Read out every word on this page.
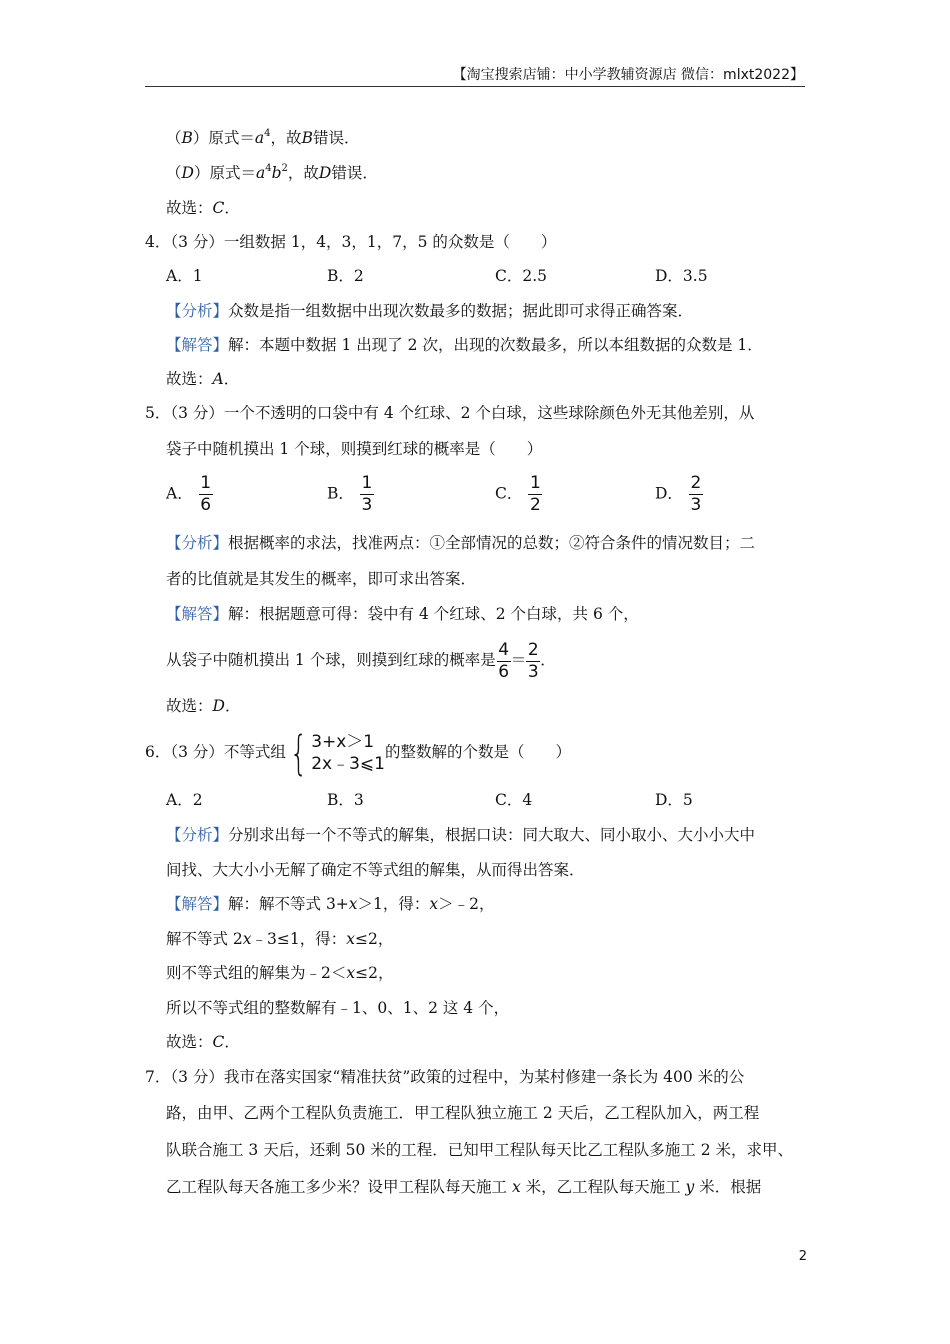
【淘宝搜索店铺：中小学教辅资源店 微信：mlxt2022】
（B）原式$=a^4$，故B错误．
（D）原式$=a^4b^2$，故D错误．
故选：C．
4．（3 分）一组数据 1，4，3，1，7，5 的众数是（　　）
A．1	B．2	C．2.5	D．3.5
【分析】众数是指一组数据中出现次数最多的数据；据此即可求得正确答案．
【解答】解：本题中数据 1 出现了 2 次，出现的次数最多，所以本组数据的众数是 1．
故选：A．
5．（3 分）一个不透明的口袋中有 4 个红球、2 个白球，这些球除颜色外无其他差别，从
袋子中随机摸出 1 个球，则摸到红球的概率是（　　）
A． $\frac{1}{6}$	B． $\frac{1}{3}$	C． $\frac{1}{2}$	D． $\frac{2}{3}$
【分析】根据概率的求法，找准两点：①全部情况的总数；②符合条件的情况数目；二
者的比值就是其发生的概率，即可求出答案．
【解答】解：根据题意可得：袋中有 4 个红球、2 个白球，共 6 个，
从袋子中随机摸出 1 个球，则摸到红球的概率是 $\frac{4}{6} = \frac{2}{3}$ ．
故选：D．
6．（3 分）不等式组 { 3+x＞1
2x﹣3⩽1
的整数解的个数是（　　）
A．2	B．3	C．4	D．5
【分析】分别求出每一个不等式的解集，根据口诀：同大取大、同小取小、大小小大中
间找、大大小小无解了确定不等式组的解集，从而得出答案．
【解答】解：解不等式 3+x＞1，得：x＞﹣2，
解不等式 2x﹣3≤1，得：x≤2，
则不等式组的解集为﹣2＜x≤2，
所以不等式组的整数解有﹣1、0、1、2 这 4 个，
故选：C．
7．（3 分）我市在落实国家“精准扶贫”政策的过程中，为某村修建一条长为 400 米的公
路，由甲、乙两个工程队负责施工．甲工程队独立施工 2 天后，乙工程队加入，两工程
队联合施工 3 天后，还剩 50 米的工程．已知甲工程队每天比乙工程队多施工 2 米，求甲、
乙工程队每天各施工多少米？设甲工程队每天施工 x 米，乙工程队每天施工 y 米．根据
2
